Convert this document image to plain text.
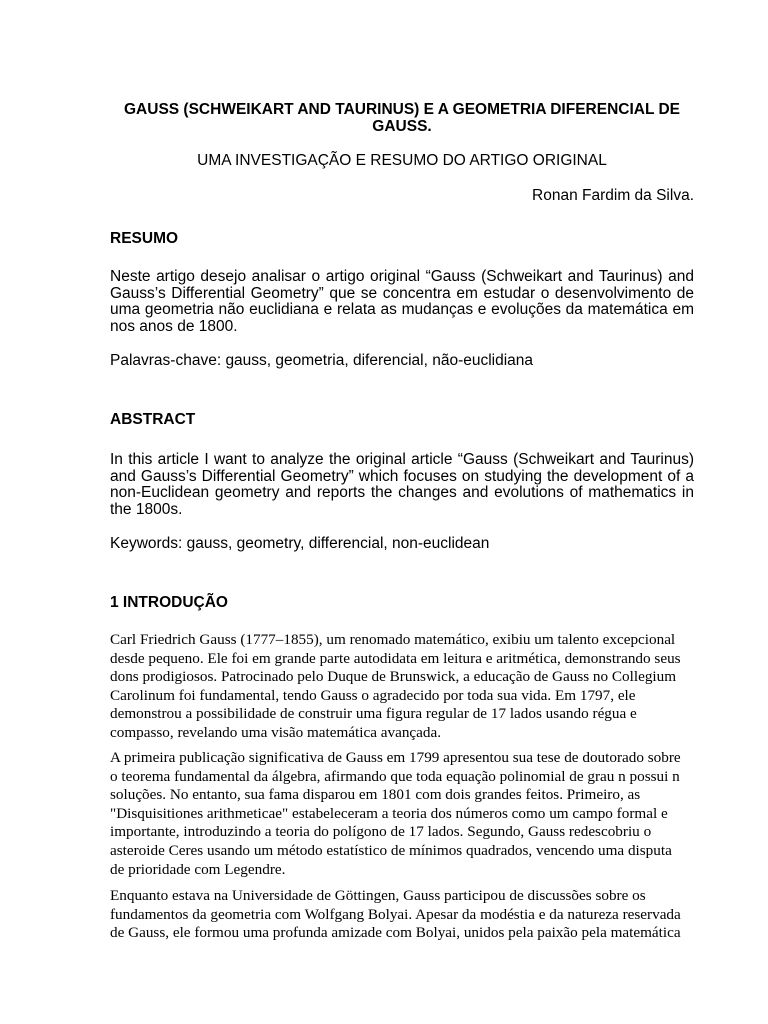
GAUSS (SCHWEIKART AND TAURINUS) E A GEOMETRIA DIFERENCIAL DE GAUSS.

UMA INVESTIGAÇÃO E RESUMO DO ARTIGO ORIGINAL

Ronan Fardim da Silva.

RESUMO

Neste artigo desejo analisar o artigo original “Gauss (Schweikart and Taurinus) and Gauss’s Differential Geometry” que se concentra em estudar o desenvolvimento de uma geometria não euclidiana e relata as mudanças e evoluções da matemática em nos anos de 1800.

Palavras-chave: gauss, geometria, diferencial, não-euclidiana

ABSTRACT

In this article I want to analyze the original article “Gauss (Schweikart and Taurinus) and Gauss’s Differential Geometry” which focuses on studying the development of a non-Euclidean geometry and reports the changes and evolutions of mathematics in the 1800s.

Keywords: gauss, geometry, differencial, non-euclidean

1 INTRODUÇÃO
Carl Friedrich Gauss (1777–1855), um renomado matemático, exibiu um talento excepcional
desde pequeno. Ele foi em grande parte autodidata em leitura e aritmética, demonstrando seus
dons prodigiosos. Patrocinado pelo Duque de Brunswick, a educação de Gauss no Collegium
Carolinum foi fundamental, tendo Gauss o agradecido por toda sua vida. Em 1797, ele
demonstrou a possibilidade de construir uma figura regular de 17 lados usando régua e
compasso, revelando uma visão matemática avançada.
A primeira publicação significativa de Gauss em 1799 apresentou sua tese de doutorado sobre
o teorema fundamental da álgebra, afirmando que toda equação polinomial de grau n possui n
soluções. No entanto, sua fama disparou em 1801 com dois grandes feitos. Primeiro, as
"Disquisitiones arithmeticae" estabeleceram a teoria dos números como um campo formal e
importante, introduzindo a teoria do polígono de 17 lados. Segundo, Gauss redescobriu o
asteroide Ceres usando um método estatístico de mínimos quadrados, vencendo uma disputa
de prioridade com Legendre.
Enquanto estava na Universidade de Göttingen, Gauss participou de discussões sobre os
fundamentos da geometria com Wolfgang Bolyai. Apesar da modéstia e da natureza reservada
de Gauss, ele formou uma profunda amizade com Bolyai, unidos pela paixão pela matemática
